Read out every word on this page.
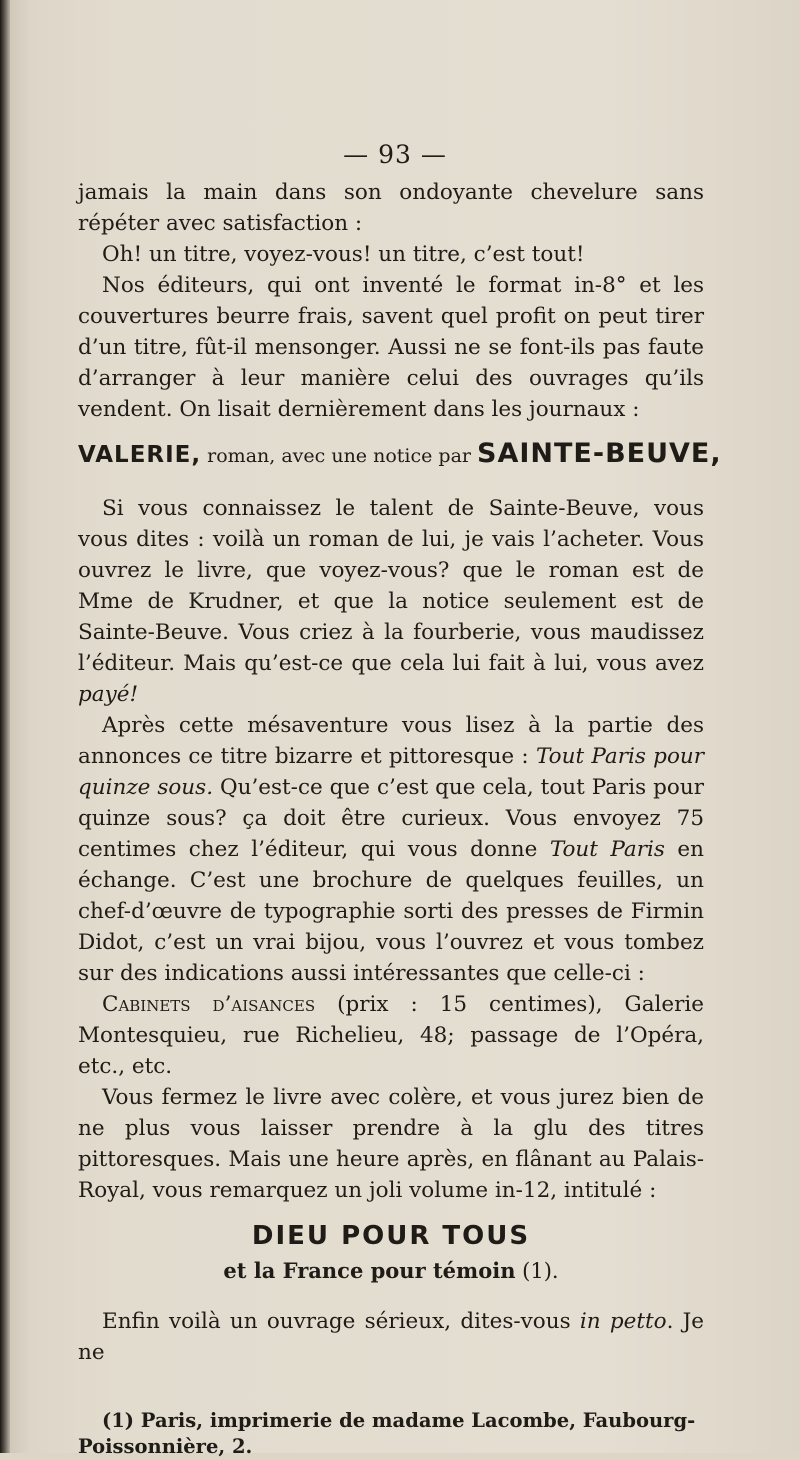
— 93 —

jamais la main dans son ondoyante chevelure sans répéter avec satisfaction :

Oh! un titre, voyez-vous! un titre, c’est tout!

Nos éditeurs, qui ont inventé le format in-8° et les couvertures beurre frais, savent quel profit on peut tirer d’un titre, fût-il mensonger. Aussi ne se font-ils pas faute d’arranger à leur manière celui des ouvrages qu’ils vendent. On lisait dernièrement dans les journaux :

VALERIE, roman, avec une notice par SAINTE-BEUVE,

Si vous connaissez le talent de Sainte-Beuve, vous vous dites : voilà un roman de lui, je vais l’acheter. Vous ouvrez le livre, que voyez-vous? que le roman est de Mme de Krudner, et que la notice seulement est de Sainte-Beuve. Vous criez à la fourberie, vous maudissez l’éditeur. Mais qu’est-ce que cela lui fait à lui, vous avez payé!

Après cette mésaventure vous lisez à la partie des annonces ce titre bizarre et pittoresque : Tout Paris pour quinze sous. Qu’est-ce que c’est que cela, tout Paris pour quinze sous? ça doit être curieux. Vous envoyez 75 centimes chez l’éditeur, qui vous donne Tout Paris en échange. C’est une brochure de quelques feuilles, un chef-d’œuvre de typographie sorti des presses de Firmin Didot, c’est un vrai bijou, vous l’ouvrez et vous tombez sur des indications aussi intéressantes que celle-ci :

Cabinets d’aisances (prix : 15 centimes), Galerie Montesquieu, rue Richelieu, 48; passage de l’Opéra, etc., etc.

Vous fermez le livre avec colère, et vous jurez bien de ne plus vous laisser prendre à la glu des titres pittoresques. Mais une heure après, en flânant au Palais-Royal, vous remarquez un joli volume in-12, intitulé :

DIEU POUR TOUS
et la France pour témoin (1).

Enfin voilà un ouvrage sérieux, dites-vous in petto. Je ne

(1) Paris, imprimerie de madame Lacombe, Faubourg-Poissonnière, 2.
